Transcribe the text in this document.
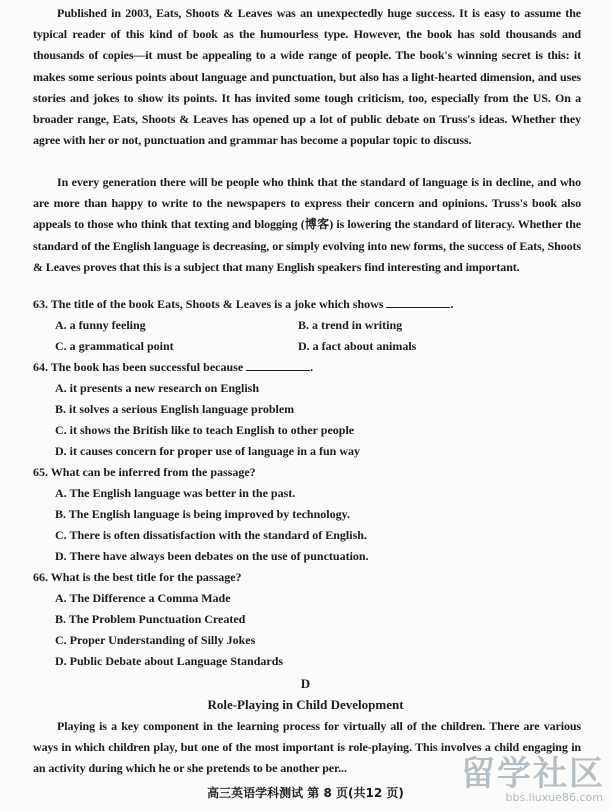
Published in 2003, Eats, Shoots & Leaves was an unexpectedly huge success. It is easy to assume the typical reader of this kind of book as the humourless type. However, the book has sold thousands and thousands of copies—it must be appealing to a wide range of people. The book's winning secret is this: it makes some serious points about language and punctuation, but also has a light-hearted dimension, and uses stories and jokes to show its points. It has invited some tough criticism, too, especially from the US. On a broader range, Eats, Shoots & Leaves has opened up a lot of public debate on Truss's ideas. Whether they agree with her or not, punctuation and grammar has become a popular topic to discuss.

In every generation there will be people who think that the standard of language is in decline, and who are more than happy to write to the newspapers to express their concern and opinions. Truss's book also appeals to those who think that texting and blogging (博客) is lowering the standard of literacy. Whether the standard of the English language is decreasing, or simply evolving into new forms, the success of Eats, Shoots & Leaves proves that this is a subject that many English speakers find interesting and important.

63. The title of the book Eats, Shoots & Leaves is a joke which shows	.

A. a funny feeling	B. a trend in writing

C. a grammatical point	D. a fact about animals

64. The book has been successful because	.

A. it presents a new research on English

B. it solves a serious English language problem

C. it shows the British like to teach English to other people

D. it causes concern for proper use of language in a fun way

65. What can be inferred from the passage?

A. The English language was better in the past.

B. The English language is being improved by technology.

C. There is often dissatisfaction with the standard of English.

D. There have always been debates on the use of punctuation.

66. What is the best title for the passage?

A. The Difference a Comma Made

B. The Problem Punctuation Created

C. Proper Understanding of Silly Jokes

D. Public Debate about Language Standards

D

Role-Playing in Child Development

Playing is a key component in the learning process for virtually all of the children. There are various ways in which children play, but one of the most important is role-playing. This involves a child engaging in an activity during which he or she pretends to be another per...

高三英语学科测试 第 8 页(共12 页)	留学社区
bbs.liuxue86.com
